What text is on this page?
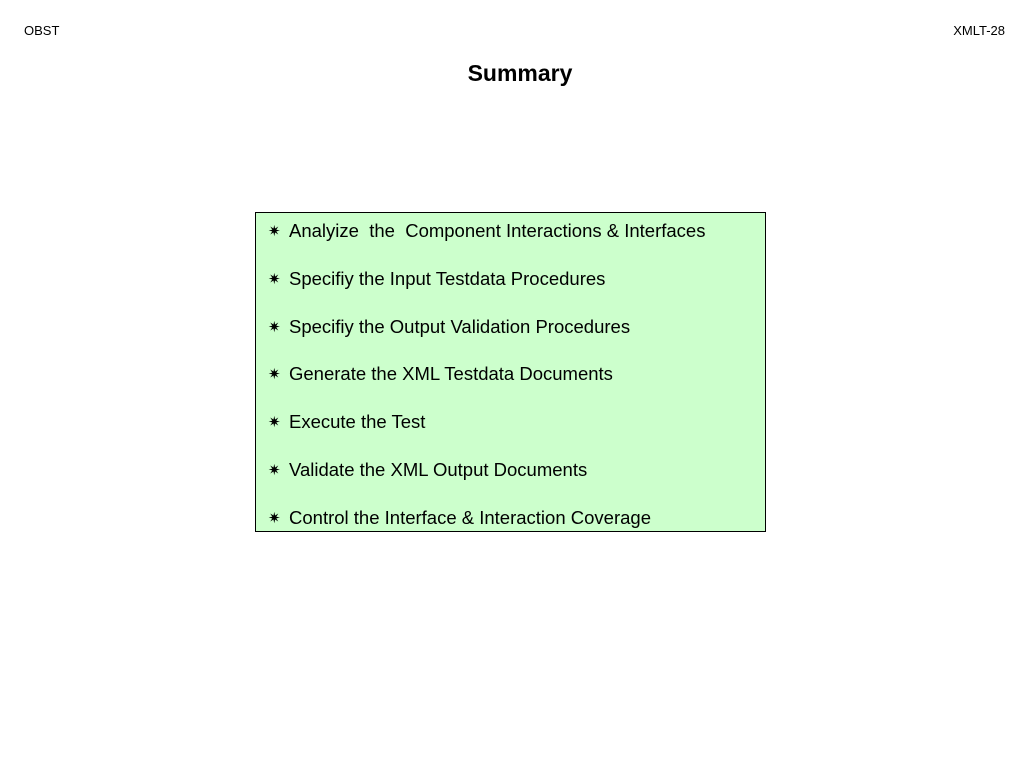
OBST	XMLT-28
Summary
✷ Analyize  the  Component Interactions & Interfaces
✷ Specifiy the Input Testdata Procedures
✷ Specifiy the Output Validation Procedures
✷ Generate the XML Testdata Documents
✷ Execute the Test
✷ Validate the XML Output Documents
✷ Control the Interface & Interaction Coverage
